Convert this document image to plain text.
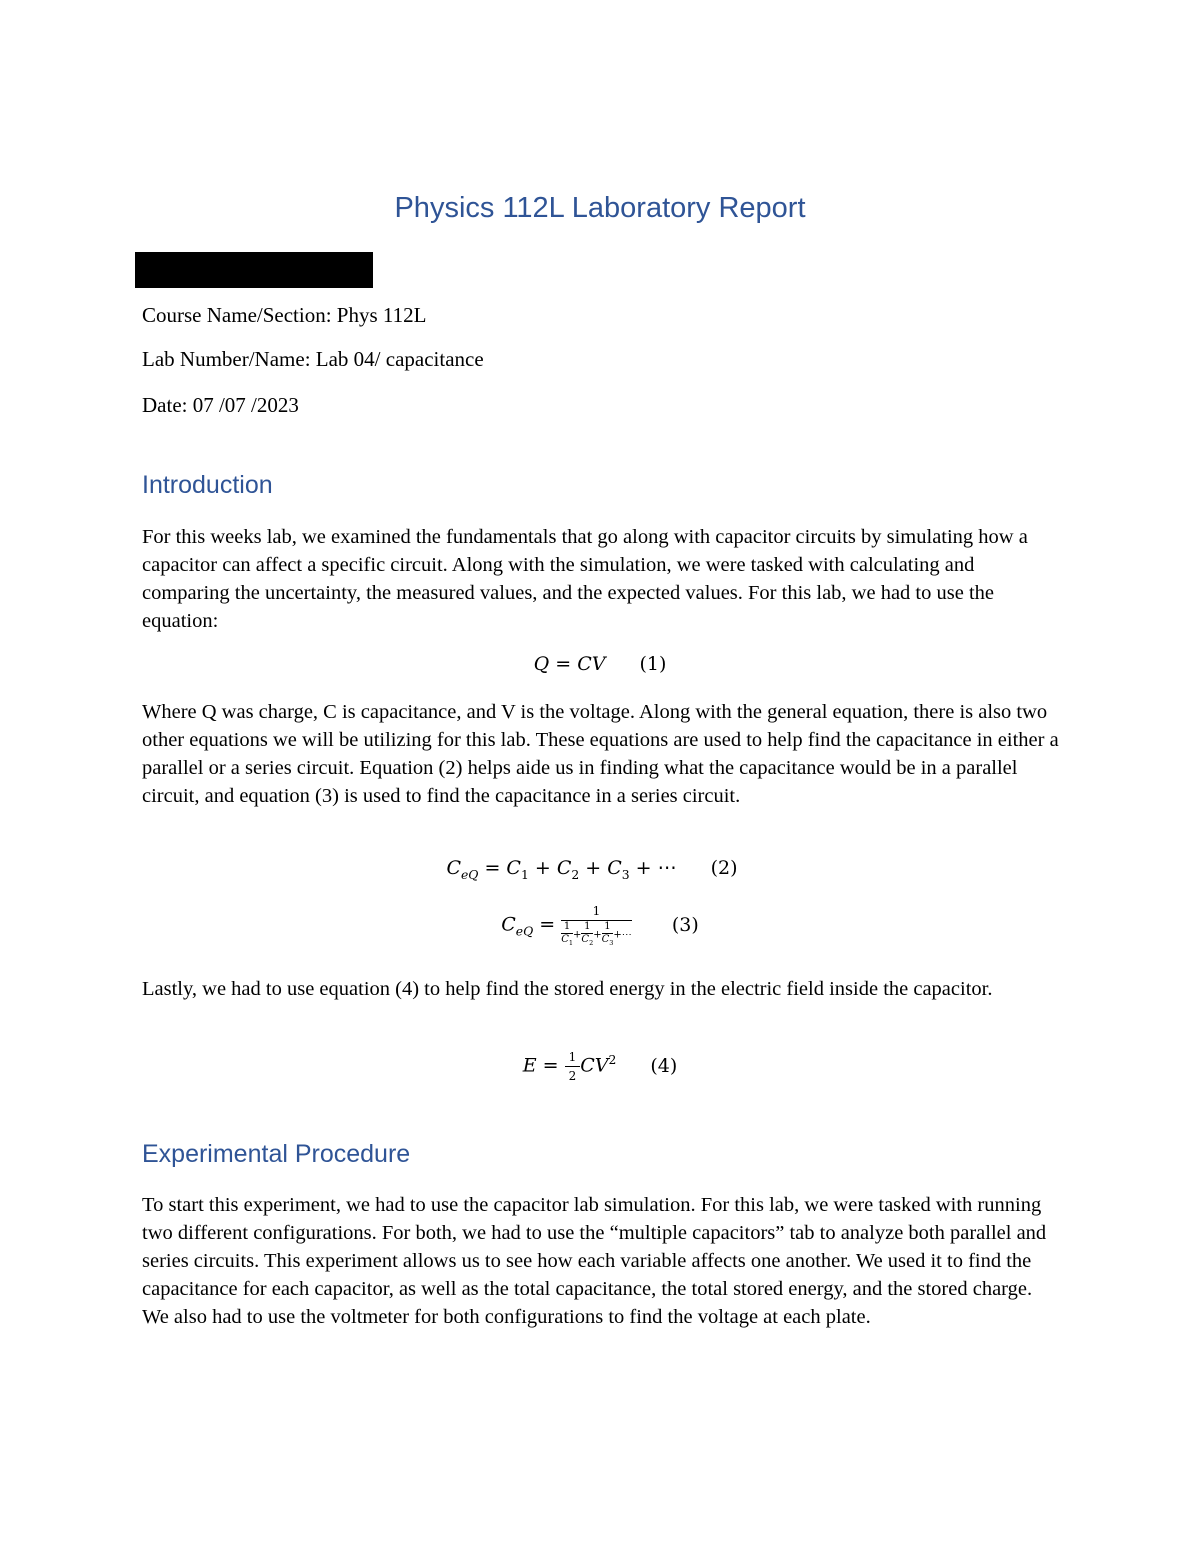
Physics 112L Laboratory Report
Course Name/Section: Phys 112L
Lab Number/Name: Lab 04/ capacitance
Date: 07 /07 /2023
Introduction
For this weeks lab, we examined the fundamentals that go along with capacitor circuits by simulating how a capacitor can affect a specific circuit. Along with the simulation, we were tasked with calculating and comparing the uncertainty, the measured values, and the expected values. For this lab, we had to use the equation:
Q = CV (1)
Where Q was charge, C is capacitance, and V is the voltage. Along with the general equation, there is also two other equations we will be utilizing for this lab. These equations are used to help find the capacitance in either a parallel or a series circuit. Equation (2) helps aide us in finding what the capacitance would be in a parallel circuit, and equation (3) is used to find the capacitance in a series circuit.
$C_{eQ} = C_1 + C_2 + C_3$ + ⋯ (2)
$C_{eQ} = \frac{1}{\frac{1}{C_1} + \frac{1}{C_2} + \frac{1}{C_3} +\cdots} (3)$
Lastly, we had to use equation (4) to help find the stored energy in the electric field inside the capacitor.
$E = \frac{1}{2} CV^2$ (4)
Experimental Procedure
To start this experiment, we had to use the capacitor lab simulation. For this lab, we were tasked with running two different configurations. For both, we had to use the “multiple capacitors” tab to analyze both parallel and series circuits. This experiment allows us to see how each variable affects one another. We used it to find the capacitance for each capacitor, as well as the total capacitance, the total stored energy, and the stored charge. We also had to use the voltmeter for both configurations to find the voltage at each plate.
